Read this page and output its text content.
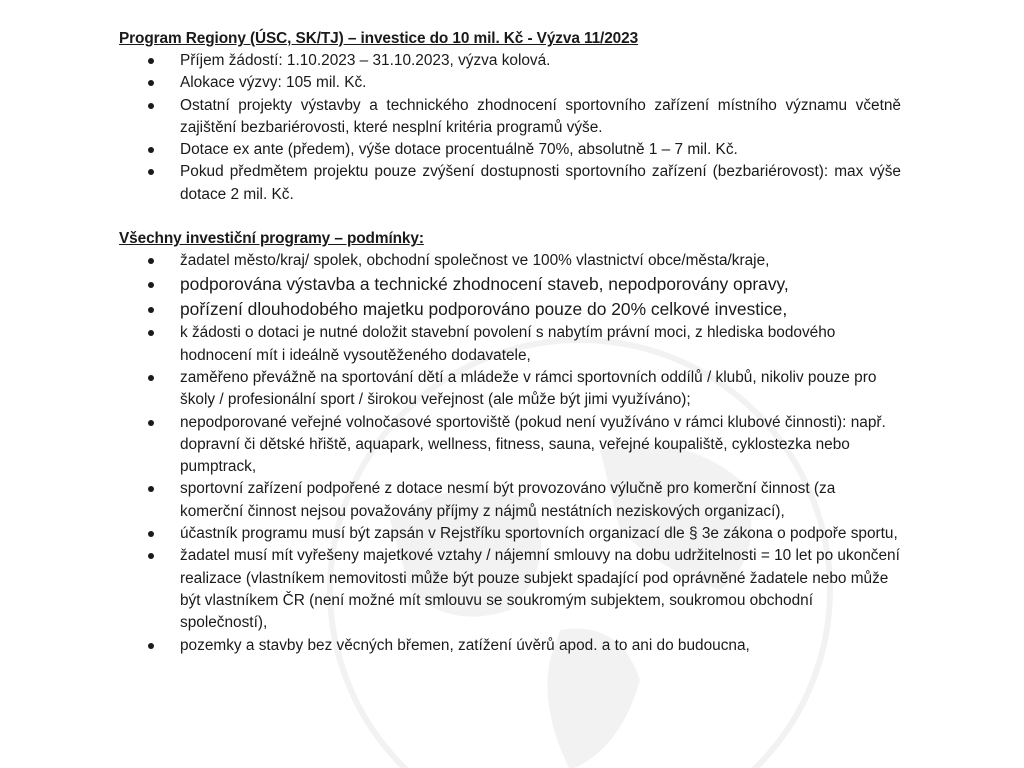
Program Regiony (ÚSC, SK/TJ) – investice do 10 mil. Kč - Výzva 11/2023
Příjem žádostí: 1.10.2023 – 31.10.2023, výzva kolová.
Alokace výzvy: 105 mil. Kč.
Ostatní projekty výstavby a technického zhodnocení sportovního zařízení místního významu včetně zajištění bezbariérovosti, které nesplní kritéria programů výše.
Dotace ex ante (předem), výše dotace procentuálně 70%, absolutně 1 – 7 mil. Kč.
Pokud předmětem projektu pouze zvýšení dostupnosti sportovního zařízení (bezbariérovost): max výše dotace 2 mil. Kč.
Všechny investiční programy – podmínky:
žadatel město/kraj/ spolek, obchodní společnost ve 100% vlastnictví obce/města/kraje,
podporována výstavba a technické zhodnocení staveb, nepodporovány opravy,
pořízení dlouhodobého majetku podporováno pouze do 20% celkové investice,
k žádosti o dotaci je nutné doložit stavební povolení s nabytím právní moci, z hlediska bodového hodnocení mít i ideálně vysoutěženého dodavatele,
zaměřeno převážně na sportování dětí a mládeže v rámci sportovních oddílů / klubů, nikoliv pouze pro školy / profesionální sport / širokou veřejnost (ale může být jimi využíváno);
nepodporované veřejné volnočasové sportoviště (pokud není využíváno v rámci klubové činnosti): např. dopravní či dětské hřiště, aquapark, wellness, fitness, sauna, veřejné koupaliště, cyklostezka nebo pumptrack,
sportovní zařízení podpořené z dotace nesmí být provozováno výlučně pro komerční činnost (za komerční činnost nejsou považovány příjmy z nájmů nestátních neziskových organizací),
účastník programu musí být zapsán v Rejstříku sportovních organizací dle § 3e zákona o podpoře sportu,
žadatel musí mít vyřešeny majetkové vztahy / nájemní smlouvy na dobu udržitelnosti = 10 let po ukončení realizace (vlastníkem nemovitosti může být pouze subjekt spadající pod oprávněné žadatele nebo může být vlastníkem ČR (není možné mít smlouvu se soukromým subjektem, soukromou obchodní společností),
pozemky a stavby bez věcných břemen, zatížení úvěrů apod. a to ani do budoucna,
